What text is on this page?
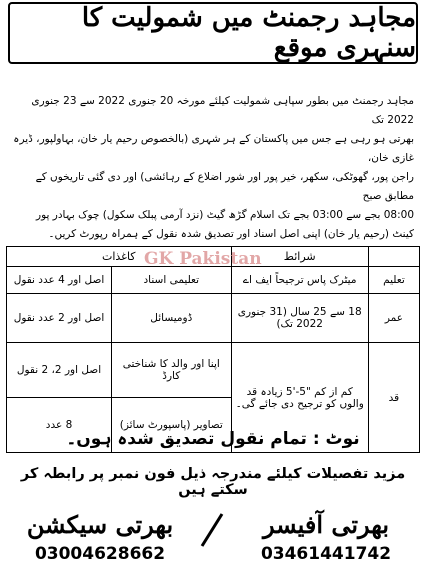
مجاہد رجمنٹ میں شمولیت کا سنہری موقع

مجاہد رجمنٹ میں بطور سپاہی شمولیت کیلئے مورخہ 20 جنوری 2022 سے 23 جنوری 2022 تک

بھرتی ہو رہی ہے جس میں پاکستان کے ہر شہری (بالخصوص رحیم یار خان، بہاولپور، ڈیرہ غازی خان،

راجن پور، گھوٹکی، سکھر، خیر پور اور شور اضلاع کے رہائشی) اور دی گئی تاریخوں کے مطابق صبح

08:00 بجے سے 03:00 بجے تک اسلام گڑھ گیٹ (نزد آرمی پبلک سکول) چوک بہادر پور

کینٹ (رحیم یار خان) اپنی اصل اسناد اور تصدیق شدہ نقول کے ہمراہ رپورٹ کریں۔

	شرائط	کاغذات	
تعلیم	میٹرک پاس ترجیحاً ایف اے	تعلیمی اسناد	اصل اور 4 عدد نقول
عمر	18 سے 25 سال (31 جنوری 2022 تک)	ڈومیسائل	اصل اور 2 عدد نقول
قد	کم از کم "5-'5 زیادہ قد والوں کو ترجیح دی جائے گی۔	اپنا اور والد کا شناختی کارڈ	اصل اور 2، 2 نقول
		تصاویر (پاسپورٹ سائز)	8 عدد
GK Pakistan
نوٹ : تمام نقول تصدیق شدہ ہوں۔
مزید تفصیلات کیلئے مندرجہ ذیل فون نمبر پر رابطہ کر سکتے ہیں
بھرتی آفیسر
03461441742
بھرتی سیکشن
03004628662
